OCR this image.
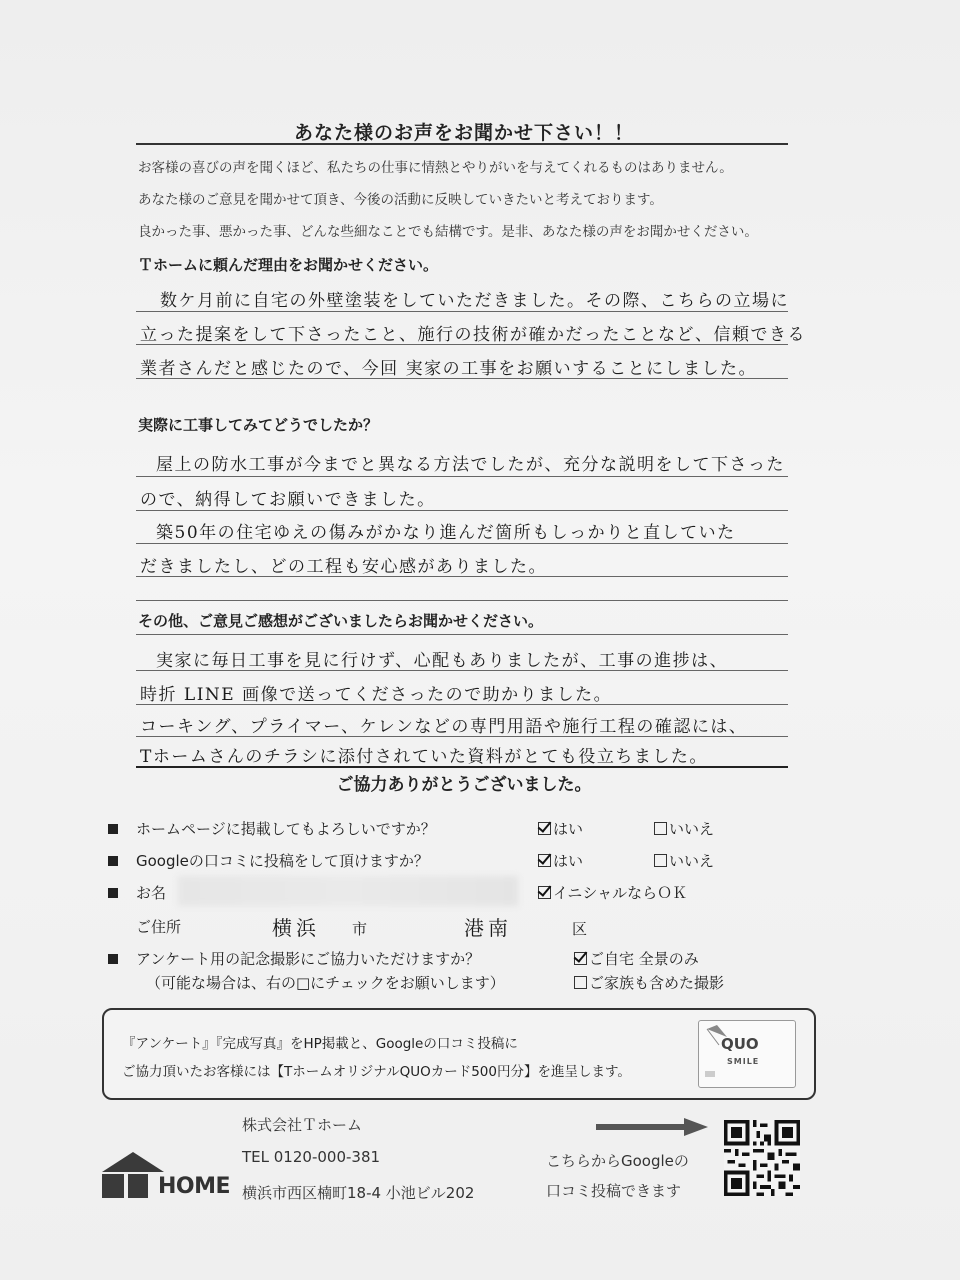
あなた様のお声をお聞かせ下さい！！
お客様の喜びの声を聞くほど、私たちの仕事に情熱とやりがいを与えてくれるものはありません。
あなた様のご意見を聞かせて頂き、今後の活動に反映していきたいと考えております。
良かった事、悪かった事、どんな些細なことでも結構です。是非、あなた様の声をお聞かせください。
Ｔホームに頼んだ理由をお聞かせください。
数ケ月前に自宅の外壁塗装をしていただきました。その際、こちらの立場に
立った提案をして下さったこと、施行の技術が確かだったことなど、信頼できる
業者さんだと感じたので、今回 実家の工事をお願いすることにしました。
実際に工事してみてどうでしたか？
屋上の防水工事が今までと異なる方法でしたが、充分な説明をして下さった
ので、納得してお願いできました。
築50年の住宅ゆえの傷みがかなり進んだ箇所もしっかりと直していた
だきましたし、どの工程も安心感がありました。
その他、ご意見ご感想がございましたらお聞かせください。
実家に毎日工事を見に行けず、心配もありましたが、工事の進捗は、
時折 LINE 画像で送ってくださったので助かりました。
コーキング、プライマー、ケレンなどの専門用語や施行工程の確認には、
Tホームさんのチラシに添付されていた資料がとても役立ちました。
ご協力ありがとうございました。
ホームページに掲載してもよろしいですか？	はい	いいえ
Googleの口コミに投稿をして頂けますか？	はい	いいえ
お名	イニシャルならＯＫ
ご住所	横浜 市	港南	区
アンケート用の記念撮影にご協力いただけますか？
（可能な場合は、右の□にチェックをお願いします）
ご自宅 全景のみ
ご家族も含めた撮影
『アンケート』『完成写真』をHP掲載と、Googleの口コミ投稿に
ご協力頂いたお客様には【TホームオリジナルQUOカード500円分】を進呈します。
QUO
SMILE
株式会社Ｔホーム
TEL 0120-000-381
横浜市西区楠町18-4 小池ビル202
HOME
こちらからGoogleの
口コミ投稿できます
